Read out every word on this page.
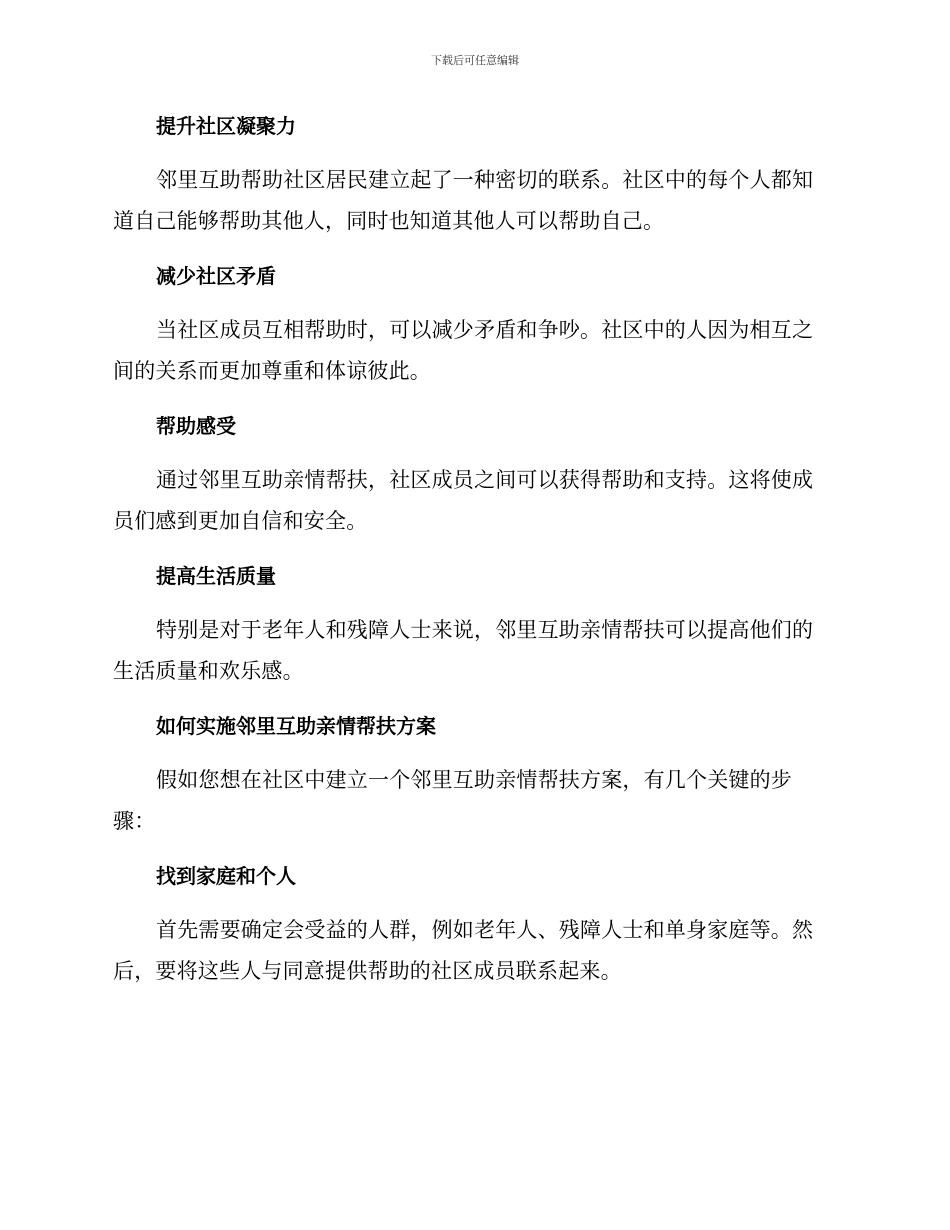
下载后可任意编辑
提升社区凝聚力

邻里互助帮助社区居民建立起了一种密切的联系。社区中的每个人都知道自己能够帮助其他人，同时也知道其他人可以帮助自己。

减少社区矛盾

当社区成员互相帮助时，可以减少矛盾和争吵。社区中的人因为相互之间的关系而更加尊重和体谅彼此。

帮助感受

通过邻里互助亲情帮扶，社区成员之间可以获得帮助和支持。这将使成员们感到更加自信和安全。

提高生活质量

特别是对于老年人和残障人士来说，邻里互助亲情帮扶可以提高他们的生活质量和欢乐感。

如何实施邻里互助亲情帮扶方案

假如您想在社区中建立一个邻里互助亲情帮扶方案，有几个关键的步骤：

找到家庭和个人

首先需要确定会受益的人群，例如老年人、残障人士和单身家庭等。然后，要将这些人与同意提供帮助的社区成员联系起来。
